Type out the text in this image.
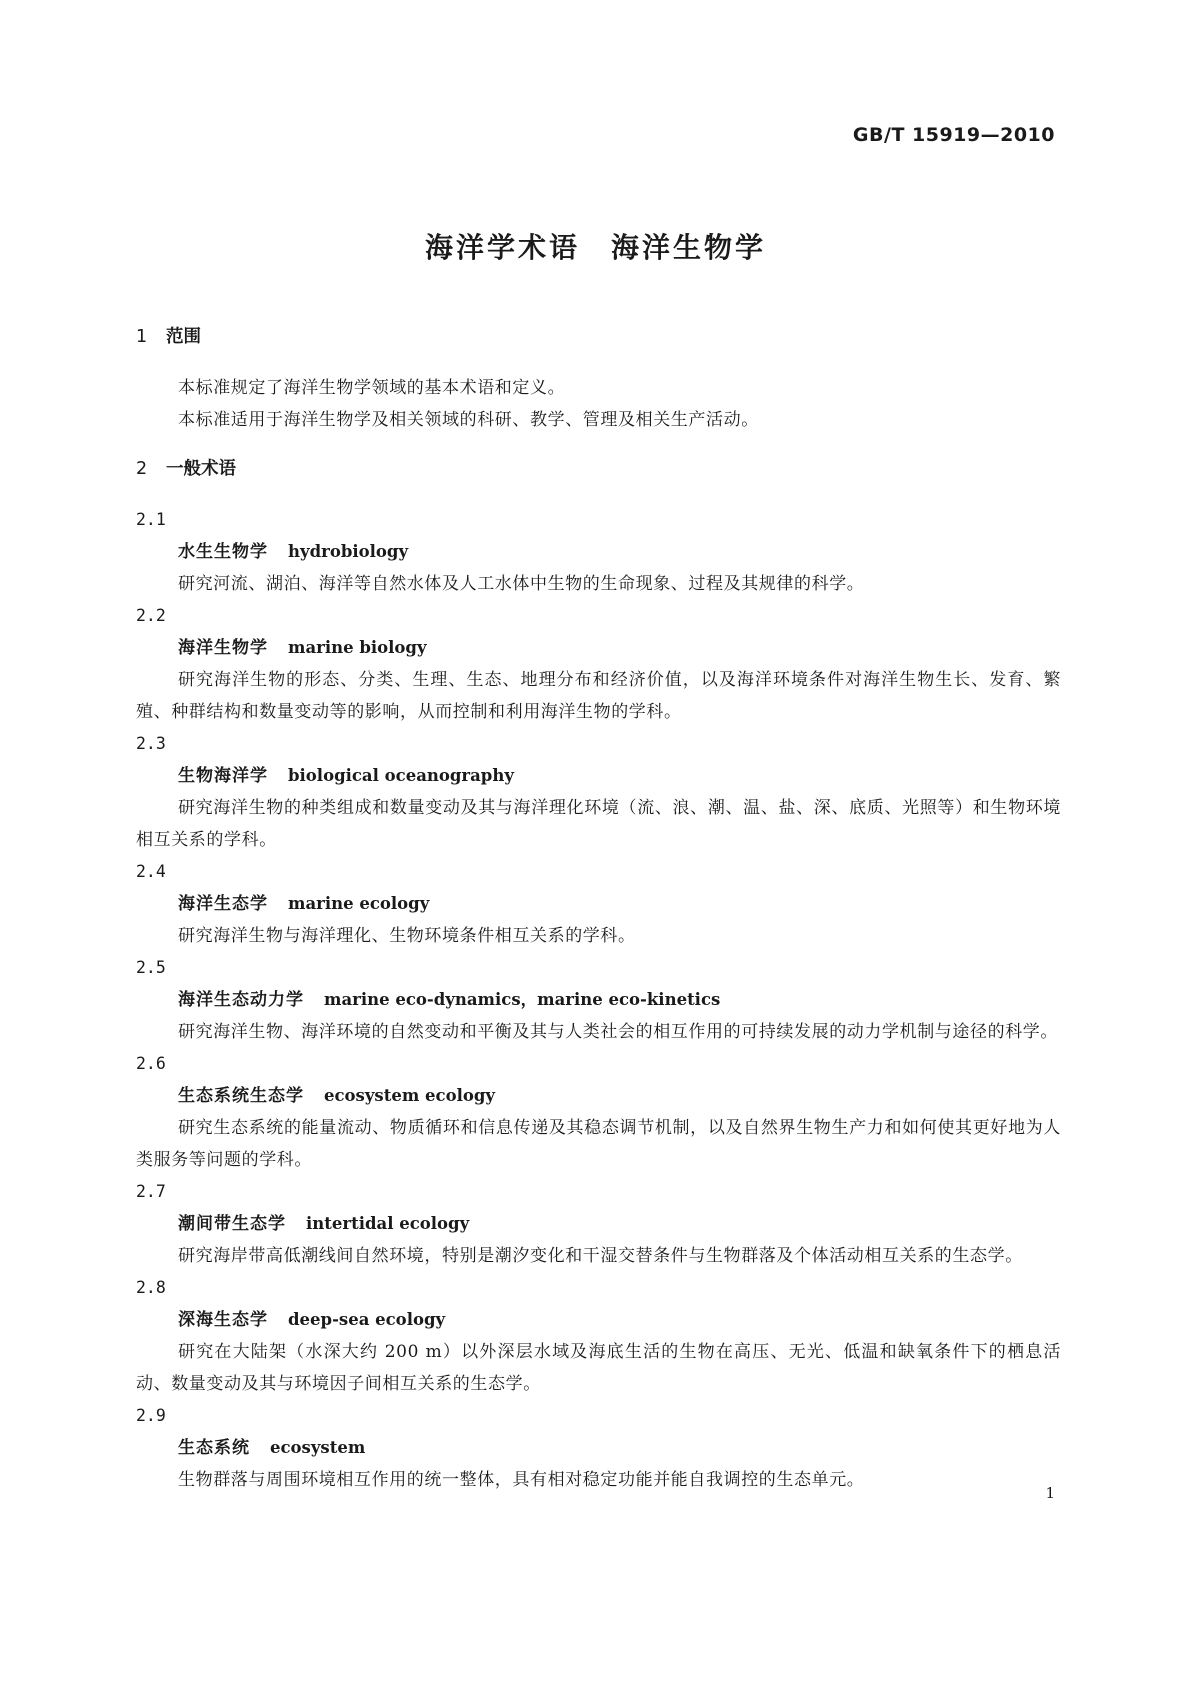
GB/T 15919—2010
海洋学术语　海洋生物学
1 范围

本标准规定了海洋生物学领域的基本术语和定义。

本标准适用于海洋生物学及相关领域的科研、教学、管理及相关生产活动。

2 一般术语

2.1

水生生物学 hydrobiology

研究河流、湖泊、海洋等自然水体及人工水体中生物的生命现象、过程及其规律的科学。

2.2

海洋生物学 marine biology

研究海洋生物的形态、分类、生理、生态、地理分布和经济价值，以及海洋环境条件对海洋生物生长、发育、繁殖、种群结构和数量变动等的影响，从而控制和利用海洋生物的学科。

2.3

生物海洋学 biological oceanography

研究海洋生物的种类组成和数量变动及其与海洋理化环境（流、浪、潮、温、盐、深、底质、光照等）和生物环境相互关系的学科。

2.4

海洋生态学 marine ecology

研究海洋生物与海洋理化、生物环境条件相互关系的学科。

2.5

海洋生态动力学 marine eco-dynamics，marine eco-kinetics

研究海洋生物、海洋环境的自然变动和平衡及其与人类社会的相互作用的可持续发展的动力学机制与途径的科学。

2.6

生态系统生态学 ecosystem ecology

研究生态系统的能量流动、物质循环和信息传递及其稳态调节机制，以及自然界生物生产力和如何使其更好地为人类服务等问题的学科。

2.7

潮间带生态学 intertidal ecology

研究海岸带高低潮线间自然环境，特别是潮汐变化和干湿交替条件与生物群落及个体活动相互关系的生态学。

2.8

深海生态学 deep-sea ecology

研究在大陆架（水深大约 200 m）以外深层水域及海底生活的生物在高压、无光、低温和缺氧条件下的栖息活动、数量变动及其与环境因子间相互关系的生态学。

2.9

生态系统 ecosystem

生物群落与周围环境相互作用的统一整体，具有相对稳定功能并能自我调控的生态单元。

1
